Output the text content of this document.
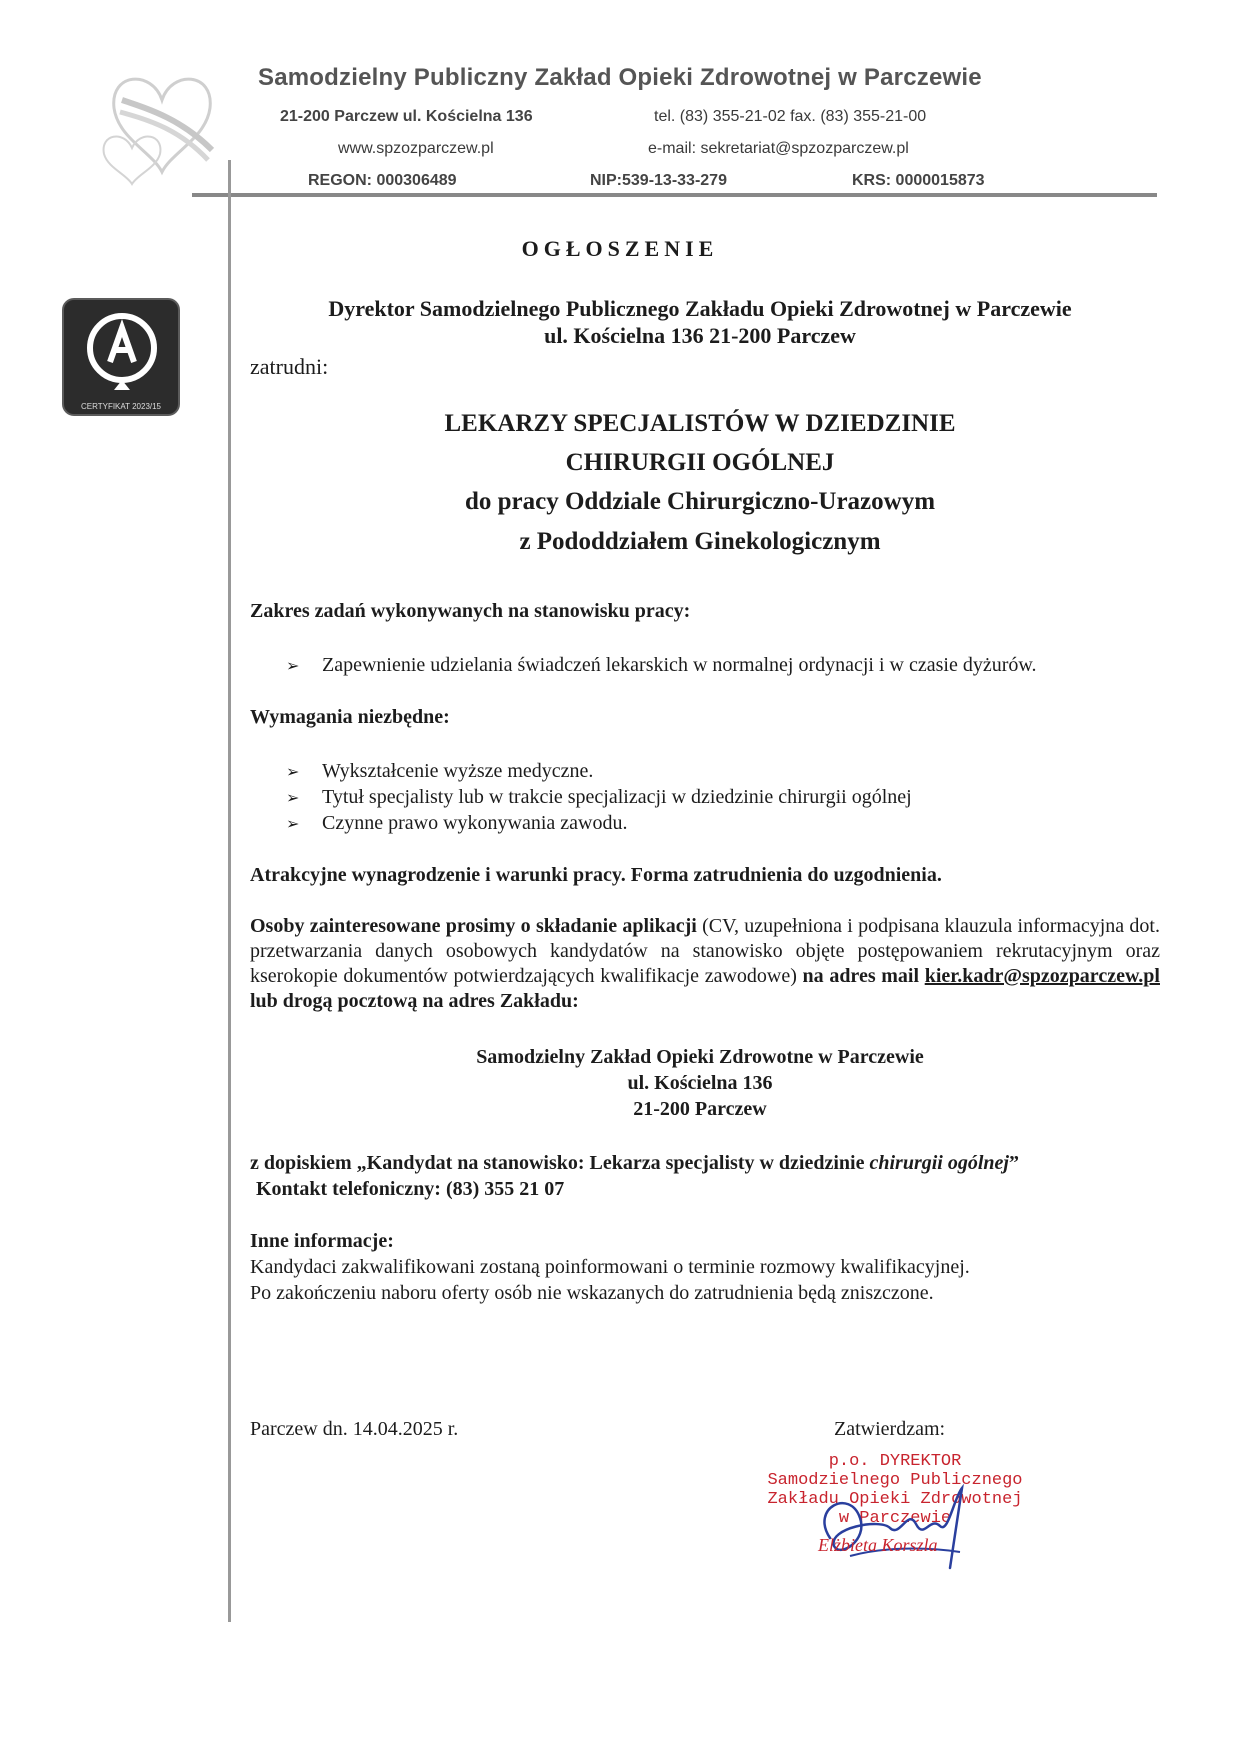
Samodzielny Publiczny Zakład Opieki Zdrowotnej w Parczewie
21-200 Parczew ul. Kościelna 136	tel. (83) 355-21-02 fax. (83) 355-21-00
www.spzozparczew.pl	e-mail: sekretariat@spzozparczew.pl
REGON: 000306489	NIP:539-13-33-279	KRS: 0000015873
CERTYFIKAT 2023/15
OGŁOSZENIE
Dyrektor Samodzielnego Publicznego Zakładu Opieki Zdrowotnej w Parczewie
ul. Kościelna 136 21-200 Parczew
zatrudni:
LEKARZY SPECJALISTÓW W DZIEDZINIE
CHIRURGII OGÓLNEJ
do pracy Oddziale Chirurgiczno-Urazowym
z Pododdziałem Ginekologicznym
Zakres zadań wykonywanych na stanowisku pracy:
➢ Zapewnienie udzielania świadczeń lekarskich w normalnej ordynacji i w czasie dyżurów.
Wymagania niezbędne:
➢ Wykształcenie wyższe medyczne.
➢ Tytuł specjalisty lub w trakcie specjalizacji w dziedzinie chirurgii ogólnej
➢ Czynne prawo wykonywania zawodu.
Atrakcyjne wynagrodzenie i warunki pracy. Forma zatrudnienia do uzgodnienia.
Osoby zainteresowane prosimy o składanie aplikacji (CV, uzupełniona i podpisana klauzula informacyjna dot. przetwarzania danych osobowych kandydatów na stanowisko objęte postępowaniem rekrutacyjnym oraz kserokopie dokumentów potwierdzających kwalifikacje zawodowe) na adres mail kier.kadr@spzozparczew.pl lub drogą pocztową na adres Zakładu:
Samodzielny Zakład Opieki Zdrowotne w Parczewie
ul. Kościelna 136
21-200 Parczew
z dopiskiem „Kandydat na stanowisko: Lekarza specjalisty w dziedzinie chirurgii ogólnej”
Kontakt telefoniczny: (83) 355 21 07
Inne informacje:
Kandydaci zakwalifikowani zostaną poinformowani o terminie rozmowy kwalifikacyjnej.
Po zakończeniu naboru oferty osób nie wskazanych do zatrudnienia będą zniszczone.
Parczew dn. 14.04.2025 r.	Zatwierdzam:
p.o. DYREKTOR
Samodzielnego Publicznego
Zakładu Opieki Zdrowotnej
w Parczewie
Elżbieta Korszla
